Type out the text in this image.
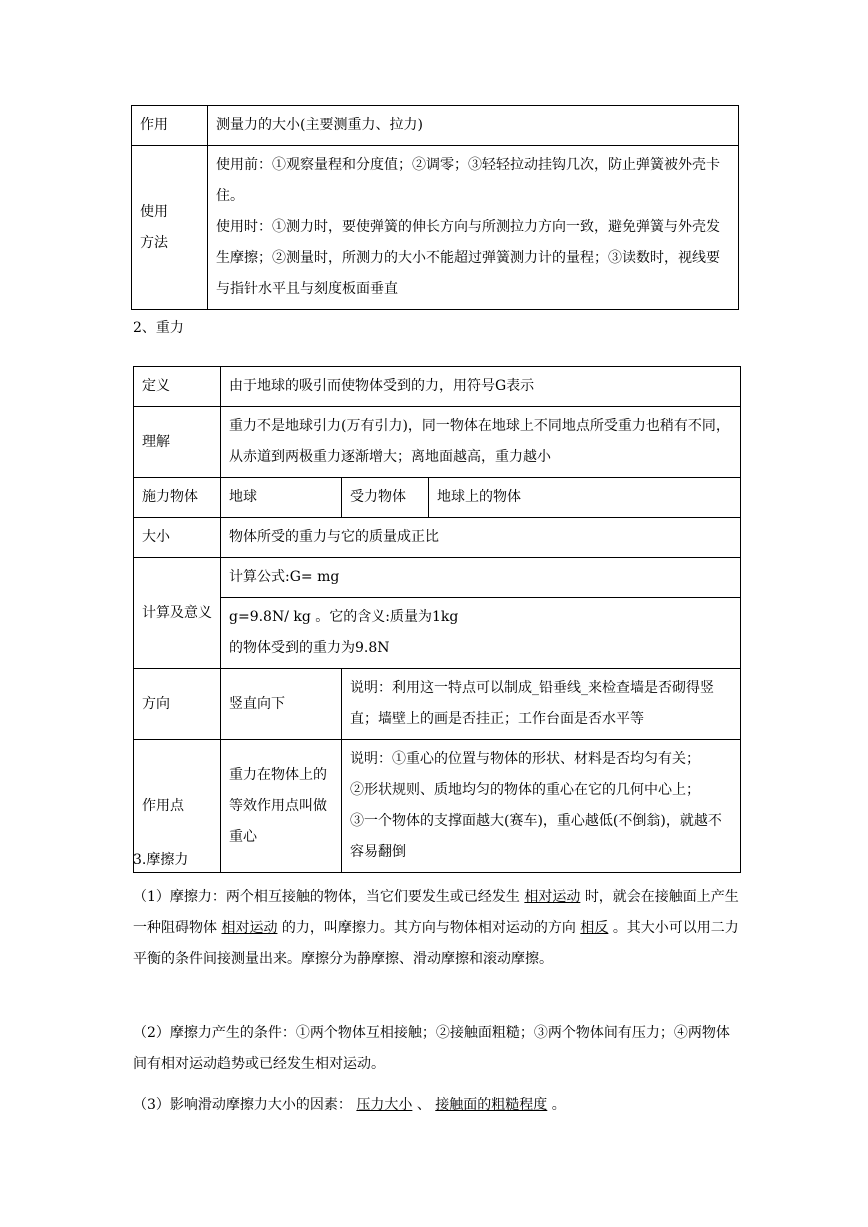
作用	测量力的大小(主要测重力、拉力)

使用
方法	使用前：①观察量程和分度值；②调零；③轻轻拉动挂钩几次，防止弹簧被外壳卡住。
使用时：①测力时，要使弹簧的伸长方向与所测拉力方向一致，避免弹簧与外壳发生摩擦；②测量时，所测力的大小不能超过弹簧测力计的量程；③读数时，视线要与指针水平且与刻度板面垂直
2、重力
定义	由于地球的吸引而使物体受到的力，用符号G表示		
理解	重力不是地球引力(万有引力)，同一物体在地球上不同地点所受重力也稍有不同，从赤道到两极重力逐渐增大；离地面越高，重力越小		
施力物体	地球	受力物体	地球上的物体
大小	物体所受的重力与它的质量成正比		
计算及意义	计算公式:G= mg		

	g=9.8N/ kg 。它的含义:质量为1kg
的物体受到的重力为9.8N		

方向	竖直向下	说明：利用这一特点可以制成_铅垂线_来检查墙是否砌得竖直；墙壁上的画是否挂正；工作台面是否水平等	
作用点	重力在物体上的等效作用点叫做重心	说明：①重心的位置与物体的形状、材料是否均匀有关；
②形状规则、质地均匀的物体的重心在它的几何中心上；
③一个物体的支撑面越大(赛车)，重心越低(不倒翁)，就越不容易翻倒	
3.摩擦力
（1）摩擦力：两个相互接触的物体，当它们要发生或已经发生 相对运动 时，就会在接触面上产生一种阻碍物体 相对运动 的力，叫摩擦力。其方向与物体相对运动的方向 相反 。其大小可以用二力平衡的条件间接测量出来。摩擦分为静摩擦、滑动摩擦和滚动摩擦。
（2）摩擦力产生的条件：①两个物体互相接触；②接触面粗糙；③两个物体间有压力；④两物体间有相对运动趋势或已经发生相对运动。
（3）影响滑动摩擦力大小的因素： 压力大小 、 接触面的粗糙程度 。
